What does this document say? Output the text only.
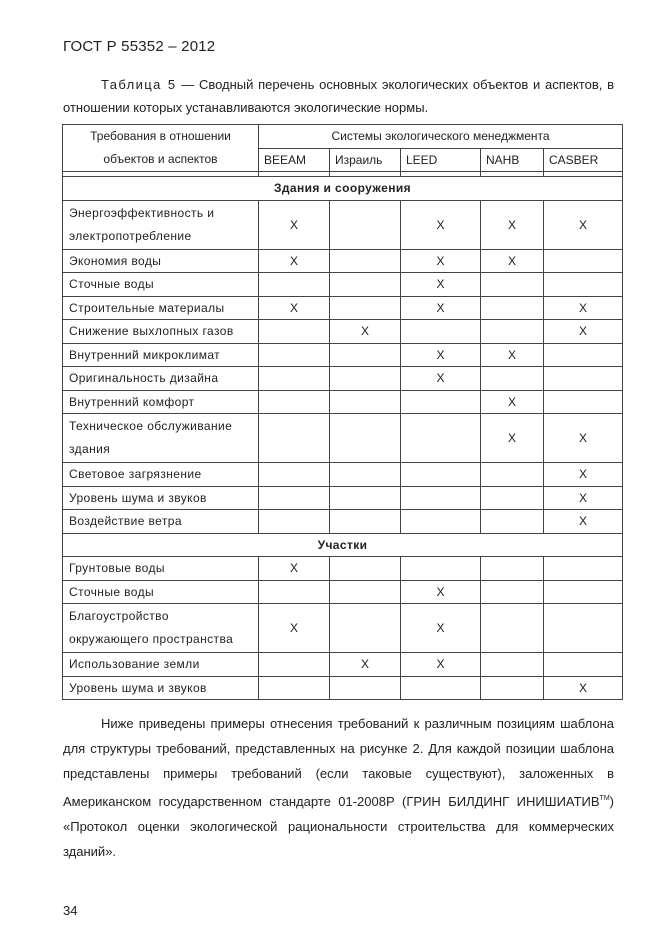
ГОСТ Р 55352 – 2012
Таблица 5 — Сводный перечень основных экологических объектов и аспектов, в отношении которых устанавливаются экологические нормы.
Требования в отношении объектов и аспектов	Системы экологического менеджмента				
	BEEAM	Израиль	LEED	NAHB	CASBER

Здания и сооружения					
Энергоэффективность и электропотребление	X		X	X	X
Экономия воды	X		X	X	
Сточные воды			X		
Строительные материалы	X		X		X
Снижение выхлопных газов		X			X
Внутренний микроклимат			X	X	
Оригинальность дизайна			X		
Внутренний комфорт				X	
Техническое обслуживание здания				X	X
Световое загрязнение					X
Уровень шума и звуков					X
Воздействие ветра					X
Участки					
Грунтовые воды	X				
Сточные воды			X		
Благоустройство окружающего пространства	X		X		
Использование земли		X	X		
Уровень шума и звуков					X

Ниже приведены примеры отнесения требований к различным позициям шаблона для структуры требований, представленных на рисунке 2. Для каждой позиции шаблона представлены примеры требований (если таковые существуют), заложенных в Американском государственном стандарте 01-2008Р (ГРИН БИЛДИНГ ИНИШИАТИВ™) «Протокол оценки экологической рациональности строительства для коммерческих зданий».

34
